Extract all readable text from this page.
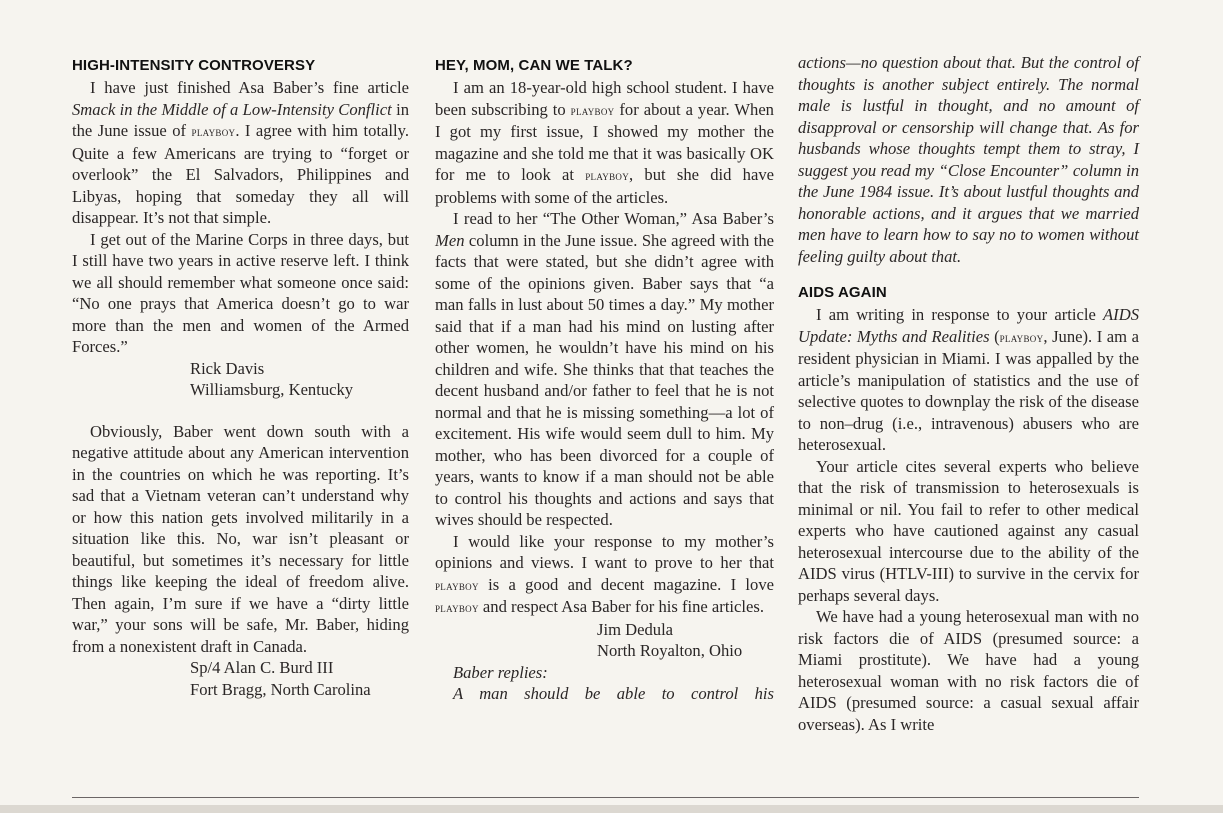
HIGH-INTENSITY CONTROVERSY

I have just finished Asa Baber’s fine article Smack in the Middle of a Low-Intensity Conflict in the June issue of playboy. I agree with him totally. Quite a few Americans are trying to “forget or overlook” the El Salvadors, Philippines and Libyas, hoping that someday they all will disappear. It’s not that simple.

I get out of the Marine Corps in three days, but I still have two years in active reserve left. I think we all should remember what someone once said: “No one prays that America doesn’t go to war more than the men and women of the Armed Forces.”

Rick Davis
Williamsburg, Kentucky

Obviously, Baber went down south with a negative attitude about any American intervention in the countries on which he was reporting. It’s sad that a Vietnam veteran can’t understand why or how this nation gets involved militarily in a situation like this. No, war isn’t pleasant or beautiful, but sometimes it’s necessary for little things like keeping the ideal of freedom alive. Then again, I’m sure if we have a “dirty little war,” your sons will be safe, Mr. Baber, hiding from a nonexistent draft in Canada.

Sp/4 Alan C. Burd III
Fort Bragg, North Carolina
HEY, MOM, CAN WE TALK?

I am an 18-year-old high school student. I have been subscribing to playboy for about a year. When I got my first issue, I showed my mother the magazine and she told me that it was basically OK for me to look at playboy, but she did have problems with some of the articles.

I read to her “The Other Woman,” Asa Baber’s Men column in the June issue. She agreed with the facts that were stated, but she didn’t agree with some of the opinions given. Baber says that “a man falls in lust about 50 times a day.” My mother said that if a man had his mind on lusting after other women, he wouldn’t have his mind on his children and wife. She thinks that that teaches the decent husband and/or father to feel that he is not normal and that he is missing something—a lot of excitement. His wife would seem dull to him. My mother, who has been divorced for a couple of years, wants to know if a man should not be able to control his thoughts and actions and says that wives should be respected.

I would like your response to my mother’s opinions and views. I want to prove to her that playboy is a good and decent magazine. I love playboy and respect Asa Baber for his fine articles.

Jim Dedula
North Royalton, Ohio

Baber replies:

A man should be able to control his

actions—no question about that. But the control of thoughts is another subject entirely. The normal male is lustful in thought, and no amount of disapproval or censorship will change that. As for husbands whose thoughts tempt them to stray, I suggest you read my “Close Encounter” column in the June 1984 issue. It’s about lustful thoughts and honorable actions, and it argues that we married men have to learn how to say no to women without feeling guilty about that.

AIDS AGAIN

I am writing in response to your article AIDS Update: Myths and Realities (playboy, June). I am a resident physician in Miami. I was appalled by the article’s manipulation of statistics and the use of selective quotes to downplay the risk of the disease to non–drug (i.e., intravenous) abusers who are heterosexual.

Your article cites several experts who believe that the risk of transmission to heterosexuals is minimal or nil. You fail to refer to other medical experts who have cautioned against any casual heterosexual intercourse due to the ability of the AIDS virus (HTLV-III) to survive in the cervix for perhaps several days.

We have had a young heterosexual man with no risk factors die of AIDS (presumed source: a Miami prostitute). We have had a young heterosexual woman with no risk factors die of AIDS (presumed source: a casual sexual affair overseas). As I write
